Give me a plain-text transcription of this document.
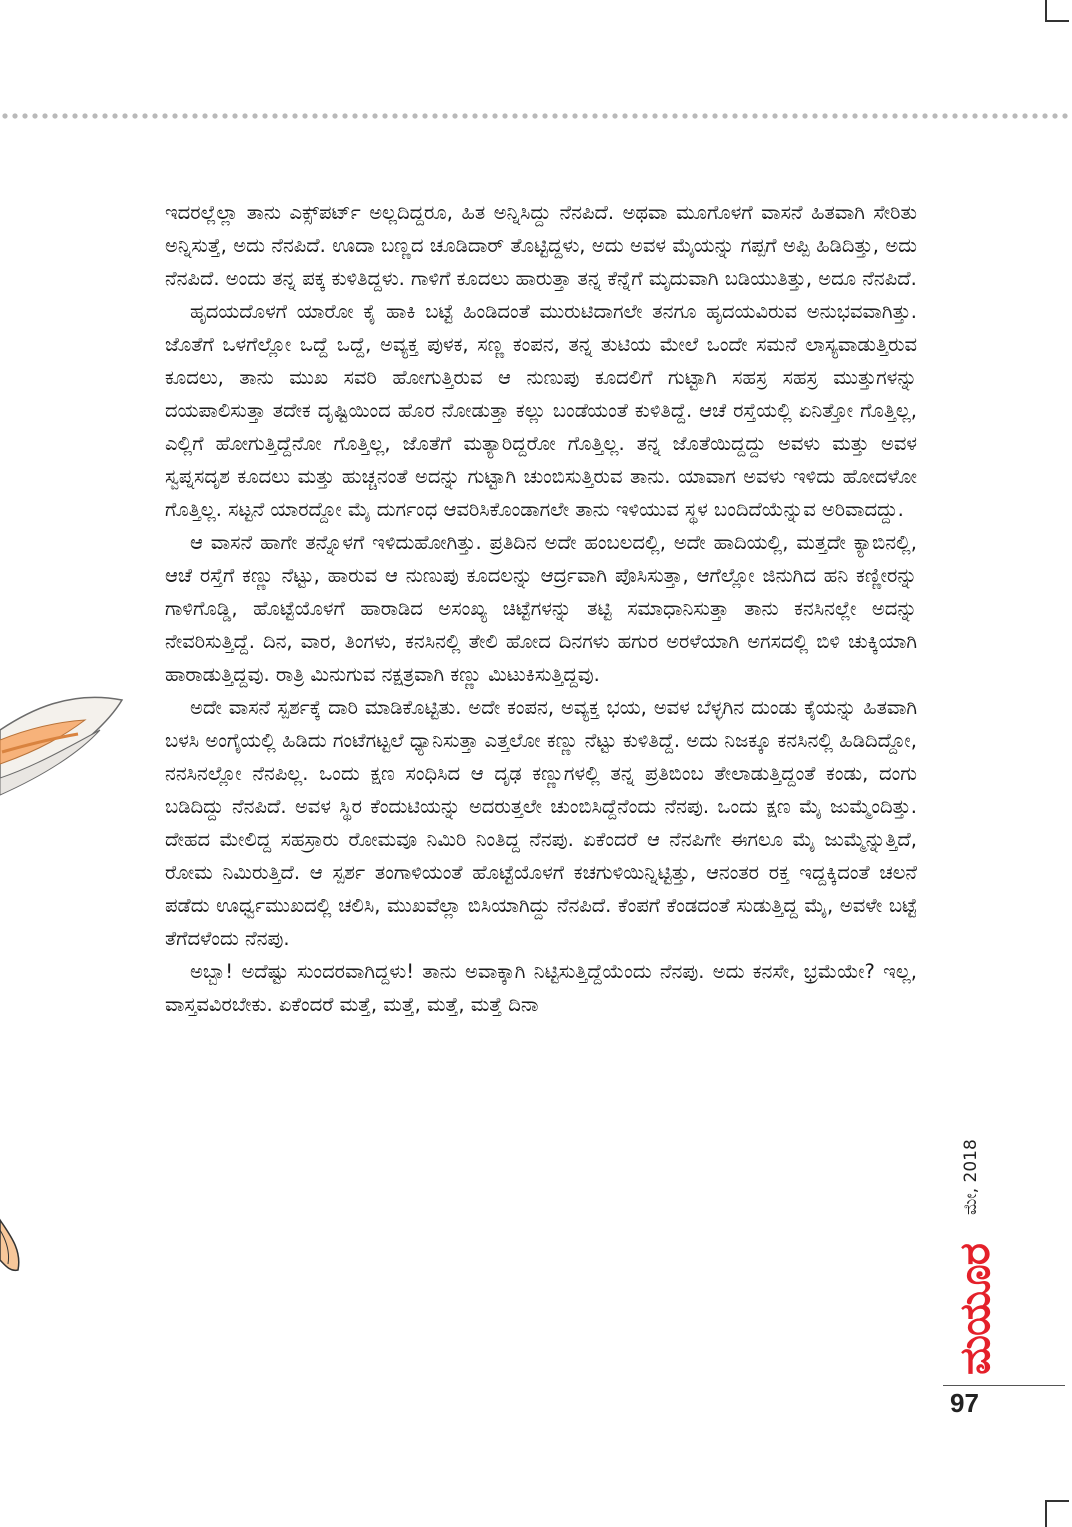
ಇದರಲ್ಲೆಲ್ಲಾ ತಾನು ಎಕ್ಸ್‌ಪರ್ಟ್ ಅಲ್ಲದಿದ್ದರೂ, ಹಿತ ಅನ್ನಿಸಿದ್ದು ನೆನಪಿದೆ. ಅಥವಾ ಮೂಗೊಳಗೆ ವಾಸನೆ ಹಿತವಾಗಿ ಸೇರಿತು ಅನ್ನಿಸುತ್ತೆ, ಅದು ನೆನಪಿದೆ. ಊದಾ ಬಣ್ಣದ ಚೂಡಿದಾರ್ ತೊಟ್ಟಿದ್ದಳು, ಅದು ಅವಳ ಮೈಯನ್ನು ಗಪ್ಪಗೆ ಅಪ್ಪಿ ಹಿಡಿದಿತ್ತು, ಅದು ನೆನಪಿದೆ. ಅಂದು ತನ್ನ ಪಕ್ಕ ಕುಳಿತಿದ್ದಳು. ಗಾಳಿಗೆ ಕೂದಲು ಹಾರುತ್ತಾ ತನ್ನ ಕೆನ್ನೆಗೆ ಮೃದುವಾಗಿ ಬಡಿಯುತಿತ್ತು, ಅದೂ ನೆನಪಿದೆ.

ಹೃದಯದೊಳಗೆ ಯಾರೋ ಕೈ ಹಾಕಿ ಬಟ್ಟೆ ಹಿಂಡಿದಂತೆ ಮುರುಟಿದಾಗಲೇ ತನಗೂ ಹೃದಯವಿರುವ ಅನುಭವವಾಗಿತ್ತು. ಜೊತೆಗೆ ಒಳಗೆಲ್ಲೋ ಒದ್ದೆ ಒದ್ದೆ, ಅವ್ಯಕ್ತ ಪುಳಕ, ಸಣ್ಣ ಕಂಪನ, ತನ್ನ ತುಟಿಯ ಮೇಲೆ ಒಂದೇ ಸಮನೆ ಲಾಸ್ಯವಾಡುತ್ತಿರುವ ಕೂದಲು, ತಾನು ಮುಖ ಸವರಿ ಹೋಗುತ್ತಿರುವ ಆ ನುಣುಪು ಕೂದಲಿಗೆ ಗುಟ್ಟಾಗಿ ಸಹಸ್ರ ಸಹಸ್ರ ಮುತ್ತುಗಳನ್ನು ದಯಪಾಲಿಸುತ್ತಾ ತದೇಕ ದೃಷ್ಟಿಯಿಂದ ಹೊರ ನೋಡುತ್ತಾ ಕಲ್ಲು ಬಂಡೆಯಂತೆ ಕುಳಿತಿದ್ದೆ. ಆಚೆ ರಸ್ತೆಯಲ್ಲಿ ಏನಿತ್ತೋ ಗೊತ್ತಿಲ್ಲ, ಎಲ್ಲಿಗೆ ಹೋಗುತ್ತಿದ್ದೆನೋ ಗೊತ್ತಿಲ್ಲ, ಜೊತೆಗೆ ಮತ್ಯಾರಿದ್ದರೋ ಗೊತ್ತಿಲ್ಲ. ತನ್ನ ಜೊತೆಯಿದ್ದದ್ದು ಅವಳು ಮತ್ತು ಅವಳ ಸ್ವಪ್ನಸದೃಶ ಕೂದಲು ಮತ್ತು ಹುಚ್ಚನಂತೆ ಅದನ್ನು ಗುಟ್ಟಾಗಿ ಚುಂಬಿಸುತ್ತಿರುವ ತಾನು. ಯಾವಾಗ ಅವಳು ಇಳಿದು ಹೋದಳೋ ಗೊತ್ತಿಲ್ಲ. ಸಟ್ಟನೆ ಯಾರದ್ದೋ ಮೈ ದುರ್ಗಂಧ ಆವರಿಸಿಕೊಂಡಾಗಲೇ ತಾನು ಇಳಿಯುವ ಸ್ಥಳ ಬಂದಿದೆಯೆನ್ನುವ ಅರಿವಾದದ್ದು.

ಆ ವಾಸನೆ ಹಾಗೇ ತನ್ನೊಳಗೆ ಇಳಿದುಹೋಗಿತ್ತು. ಪ್ರತಿದಿನ ಅದೇ ಹಂಬಲದಲ್ಲಿ, ಅದೇ ಹಾದಿಯಲ್ಲಿ, ಮತ್ತದೇ ಕ್ಯಾಬಿನಲ್ಲಿ, ಆಚೆ ರಸ್ತೆಗೆ ಕಣ್ಣು ನೆಟ್ಟು, ಹಾರುವ ಆ ನುಣುಪು ಕೂದಲನ್ನು ಆರ್ದ್ರವಾಗಿ ಪೊಸಿಸುತ್ತಾ, ಆಗೆಲ್ಲೋ ಜಿನುಗಿದ ಹನಿ ಕಣ್ಣೀರನ್ನು ಗಾಳಿಗೊಡ್ಡಿ, ಹೊಟ್ಟೆಯೊಳಗೆ ಹಾರಾಡಿದ ಅಸಂಖ್ಯ ಚಿಟ್ಟೆಗಳನ್ನು ತಟ್ಟಿ ಸಮಾಧಾನಿಸುತ್ತಾ ತಾನು ಕನಸಿನಲ್ಲೇ ಅದನ್ನು ನೇವರಿಸುತ್ತಿದ್ದೆ. ದಿನ, ವಾರ, ತಿಂಗಳು, ಕನಸಿನಲ್ಲಿ ತೇಲಿ ಹೋದ ದಿನಗಳು ಹಗುರ ಅರಳೆಯಾಗಿ ಅಗಸದಲ್ಲಿ ಬಿಳಿ ಚುಕ್ಕಿಯಾಗಿ ಹಾರಾಡುತ್ತಿದ್ದವು. ರಾತ್ರಿ ಮಿನುಗುವ ನಕ್ಷತ್ರವಾಗಿ ಕಣ್ಣು ಮಿಟುಕಿಸುತ್ತಿದ್ದವು.

ಅದೇ ವಾಸನೆ ಸ್ಪರ್ಶಕ್ಕೆ ದಾರಿ ಮಾಡಿಕೊಟ್ಟಿತು. ಅದೇ ಕಂಪನ, ಅವ್ಯಕ್ತ ಭಯ, ಅವಳ ಬೆಳ್ಳಗಿನ ದುಂಡು ಕೈಯನ್ನು ಹಿತವಾಗಿ ಬಳಸಿ ಅಂಗೈಯಲ್ಲಿ ಹಿಡಿದು ಗಂಟೆಗಟ್ಟಲೆ ಧ್ಯಾನಿಸುತ್ತಾ ಎತ್ತಲೋ ಕಣ್ಣು ನೆಟ್ಟು ಕುಳಿತಿದ್ದೆ. ಅದು ನಿಜಕ್ಕೂ ಕನಸಿನಲ್ಲಿ ಹಿಡಿದಿದ್ದೋ, ನನಸಿನಲ್ಲೋ ನೆನಪಿಲ್ಲ. ಒಂದು ಕ್ಷಣ ಸಂಧಿಸಿದ ಆ ದೃಢ ಕಣ್ಣುಗಳಲ್ಲಿ ತನ್ನ ಪ್ರತಿಬಿಂಬ ತೇಲಾಡುತ್ತಿದ್ದಂತೆ ಕಂಡು, ದಂಗು ಬಡಿದಿದ್ದು ನೆನಪಿದೆ. ಅವಳ ಸ್ಥಿರ ಕೆಂದುಟಿಯನ್ನು ಅದರುತ್ತಲೇ ಚುಂಬಿಸಿದ್ದೆನೆಂದು ನೆನಪು. ಒಂದು ಕ್ಷಣ ಮೈ ಜುಮ್ಮೆಂದಿತ್ತು. ದೇಹದ ಮೇಲಿದ್ದ ಸಹಸ್ರಾರು ರೋಮವೂ ನಿಮಿರಿ ನಿಂತಿದ್ದ ನೆನಪು. ಏಕೆಂದರೆ ಆ ನೆನಪಿಗೇ ಈಗಲೂ ಮೈ ಜುಮ್ಮೆನ್ನುತ್ತಿದೆ, ರೋಮ ನಿಮಿರುತ್ತಿದೆ. ಆ ಸ್ಪರ್ಶ ತಂಗಾಳಿಯಂತೆ ಹೊಟ್ಟೆಯೊಳಗೆ ಕಚಗುಳಿಯಿನ್ನಿಟ್ಟಿತ್ತು, ಆನಂತರ ರಕ್ತ ಇದ್ದಕ್ಕಿದಂತೆ ಚಲನೆ ಪಡೆದು ಊರ್ಧ್ವಮುಖದಲ್ಲಿ ಚಲಿಸಿ, ಮುಖವೆಲ್ಲಾ ಬಿಸಿಯಾಗಿದ್ದು ನೆನಪಿದೆ. ಕೆಂಪಗೆ ಕೆಂಡದಂತೆ ಸುಡುತ್ತಿದ್ದ ಮೈ, ಅವಳೇ ಬಟ್ಟೆ ತೆಗೆದಳೆಂದು ನೆನಪು.

ಅಬ್ಬಾ! ಅದೆಷ್ಟು ಸುಂದರವಾಗಿದ್ದಳು! ತಾನು ಅವಾಕ್ಕಾಗಿ ನಿಟ್ಟಿಸುತ್ತಿದ್ದೆಯೆಂದು ನೆನಪು. ಅದು ಕನಸೇ, ಭ್ರಮೆಯೇ? ಇಲ್ಲ, ವಾಸ್ತವವಿರಬೇಕು. ಏಕೆಂದರೆ ಮತ್ತೆ, ಮತ್ತೆ, ಮತ್ತೆ, ಮತ್ತೆ ದಿನಾ

ಮೇ, 2018
ಮಯೂರ
97
